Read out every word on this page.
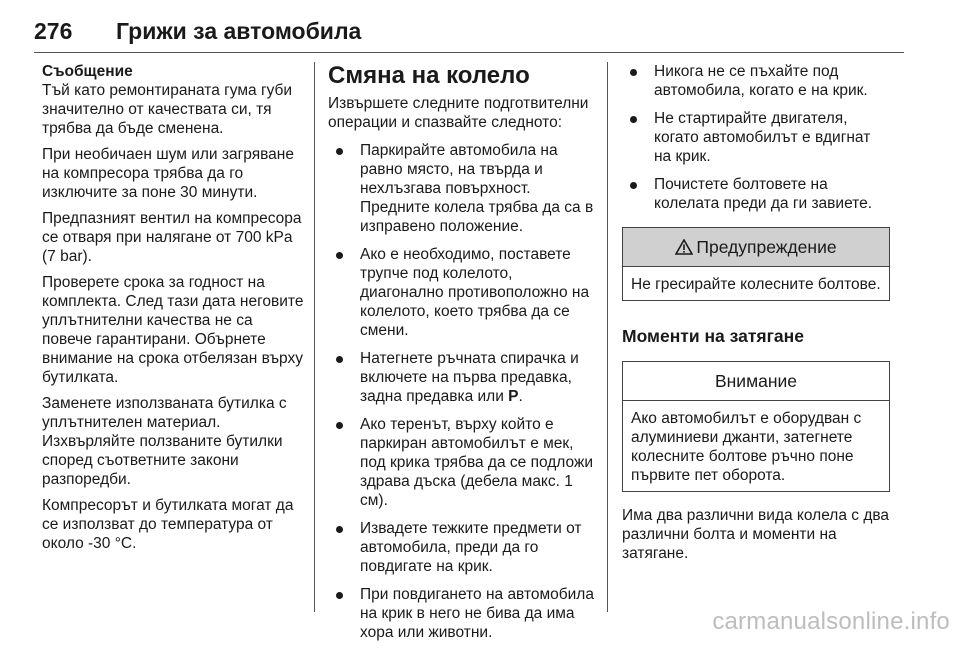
276 Грижи за автомобила
Съобщение

Тъй като ремонтираната гума губи значително от качествата си, тя трябва да бъде сменена.

При необичаен шум или загряване на компресора трябва да го изключите за поне 30 минути.

Предпазният вентил на компресора се отваря при налягане от 700 kPa (7 bar).

Проверете срока за годност на комплекта. След тази дата неговите уплътнителни качества не са повече гарантирани. Обърнете внимание на срока отбелязан върху бутилката.

Заменете използваната бутилка с уплътнителен материал. Изхвърляйте ползваните бутилки според съответните закони разпоредби.

Компресорът и бутилката могат да се използват до температура от около -30 °C.

Смяна на колело

Извършете следните подготвителни операции и спазвайте следното:

Паркирайте автомобила на равно място, на твърда и нехлъзгава повърхност. Предните колела трябва да са в изправено положение.
Ако е необходимо, поставете трупче под колелото, диагонално противоположно на колелото, което трябва да се смени.
Натегнете ръчната спирачка и включете на първа предавка, задна предавка или P.
Ако теренът, върху който е паркиран автомобилът е мек, под крика трябва да се подложи здрава дъска (дебела макс. 1 см).
Извадете тежките предмети от автомобила, преди да го повдигате на крик.
При повдигането на автомобила на крик в него не бива да има хора или животни.
Никога не се пъхайте под автомобила, когато е на крик.
Не стартирайте двигателя, когато автомобилът е вдигнат на крик.
Почистете болтовете на колелата преди да ги завиете.
Предупреждение
Не гресирайте колесните болтове.
Моменти на затягане
Внимание
Ако автомобилът е оборудван с алуминиеви джанти, затегнете колесните болтове ръчно поне първите пет оборота.

Има два различни вида колела с два различни болта и моменти на затягане.

carmanualsonline.info
